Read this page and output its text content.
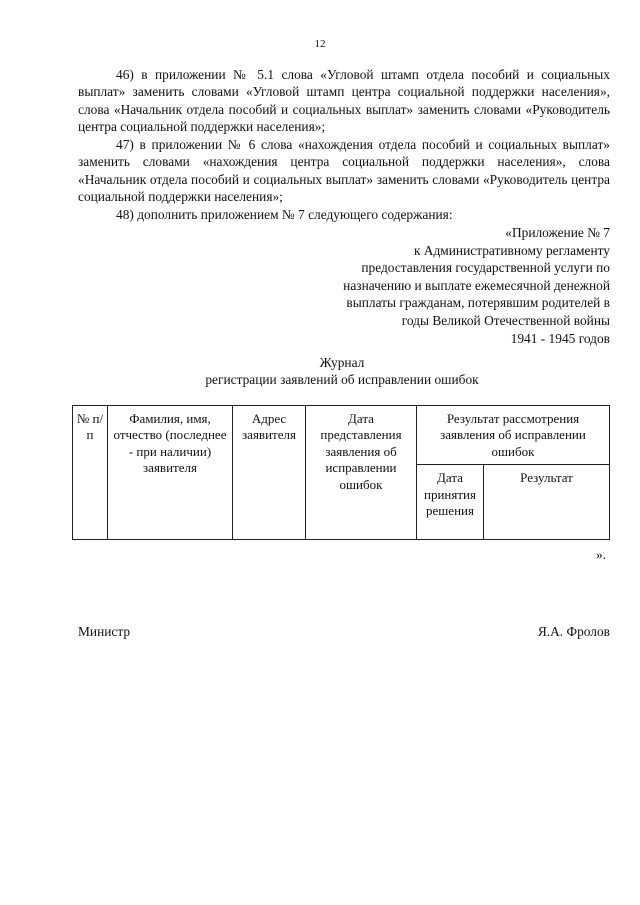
12

46) в приложении № 5.1 слова «Угловой штамп отдела пособий и социальных выплат» заменить словами «Угловой штамп центра социальной поддержки населения», слова «Начальник отдела пособий и социальных выплат» заменить словами «Руководитель центра социальной поддержки населения»;

47) в приложении № 6 слова «нахождения отдела пособий и социальных выплат» заменить словами «нахождения центра социальной поддержки населения», слова «Начальник отдела пособий и социальных выплат» заменить словами «Руководитель центра социальной поддержки населения»;

48) дополнить приложением № 7 следующего содержания:

«Приложение № 7
к Административному регламенту
предоставления государственной услуги по
назначению и выплате ежемесячной денежной
выплаты гражданам, потерявшим родителей в
годы Великой Отечественной войны
1941 - 1945 годов
Журнал
регистрации заявлений об исправлении ошибок
№ п/п	Фамилия, имя, отчество (последнее - при наличии) заявителя	Адрес заявителя	Дата представления заявления об исправлении ошибок	Результат рассмотрения заявления об исправлении ошибок	
				Дата принятия решения	Результат
».
Министр	Я.А. Фролов
